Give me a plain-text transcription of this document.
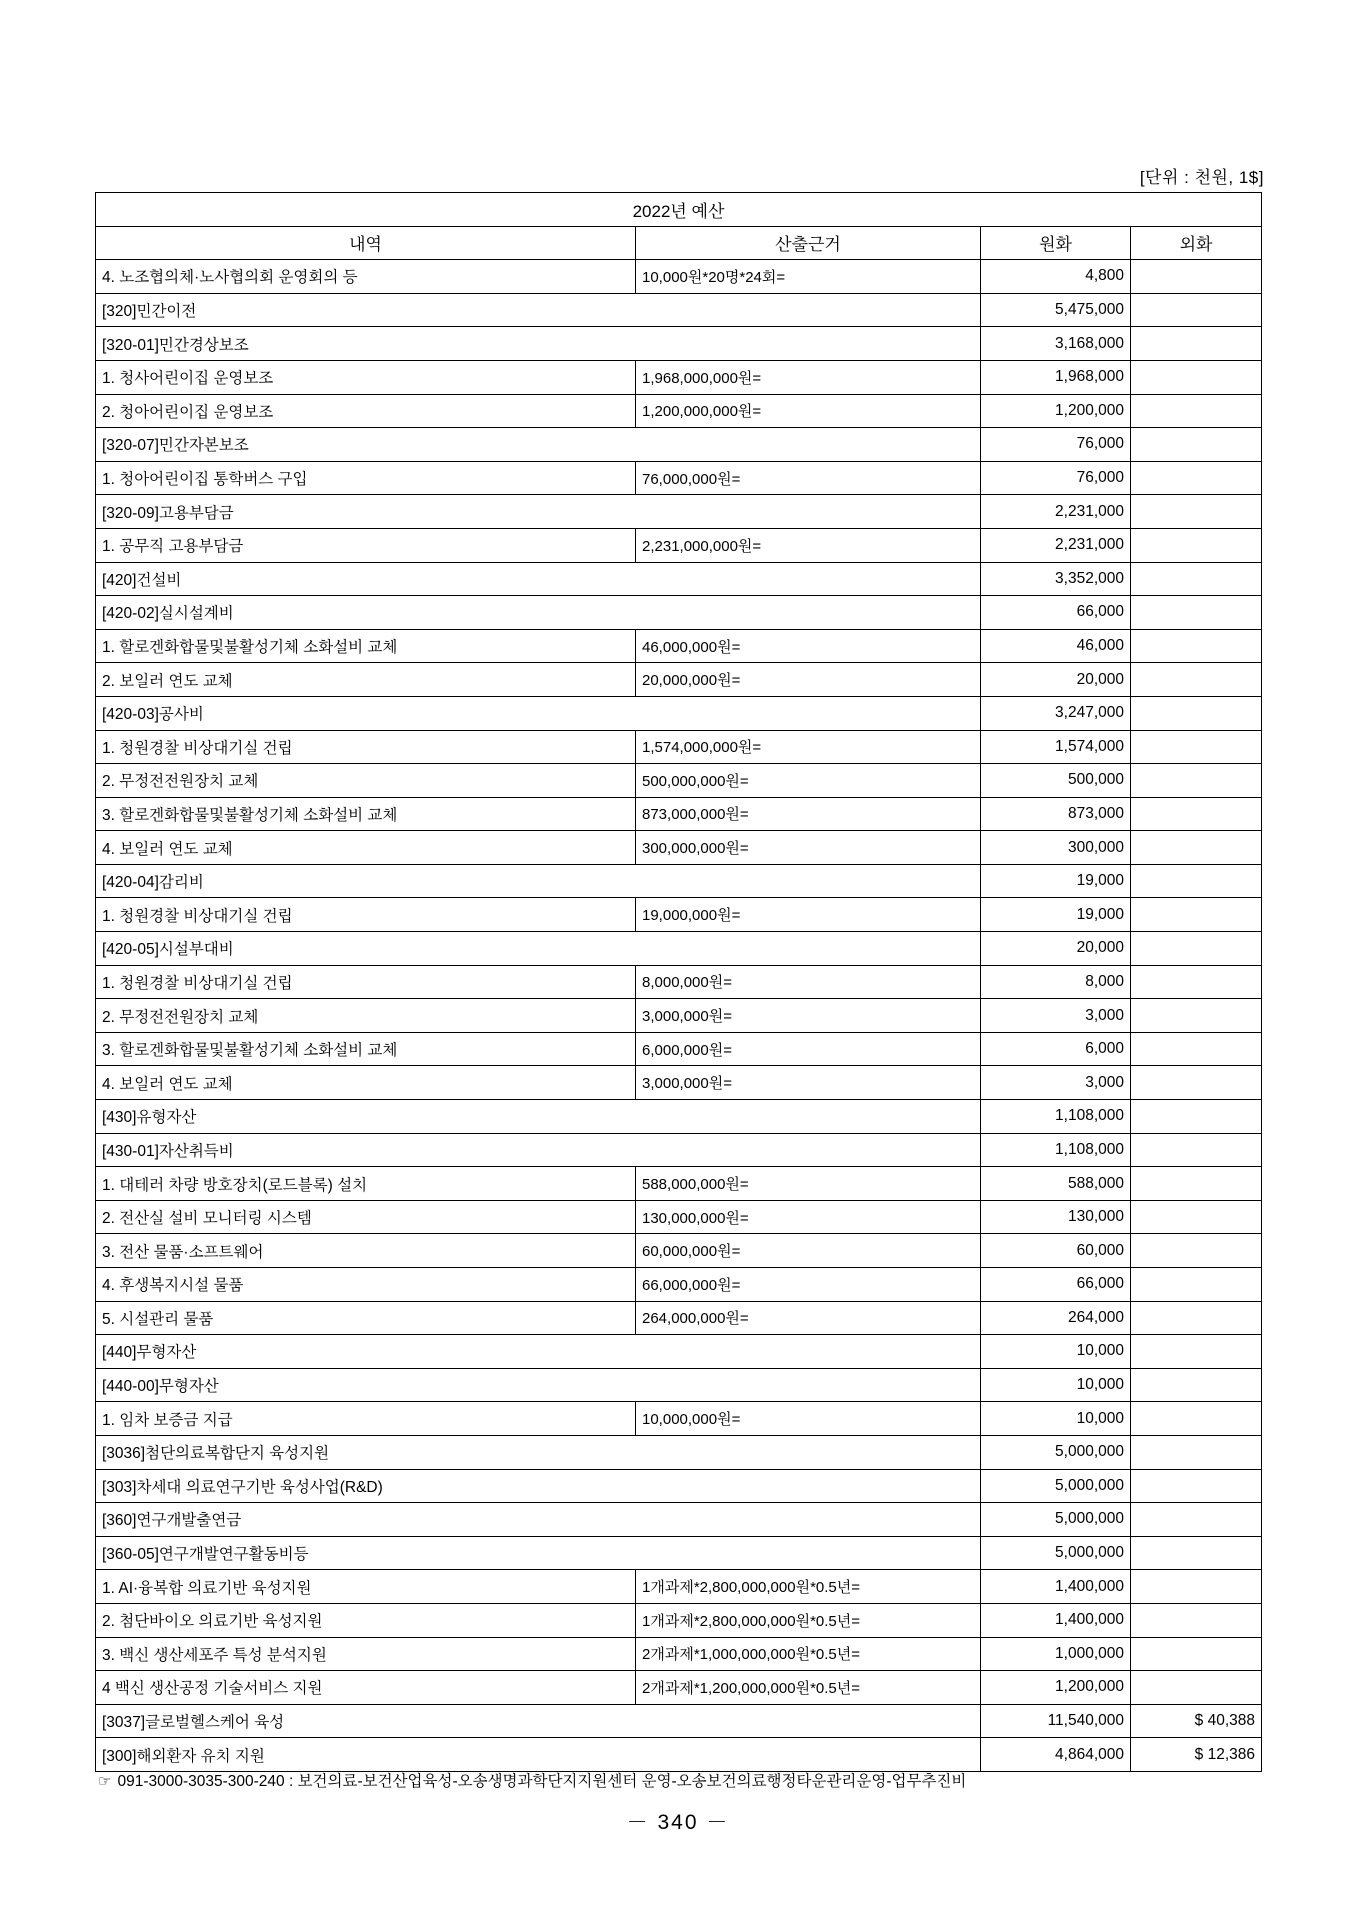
[단위 : 천원, 1$]
2022년 예산			
내역	산출근거	원화	외화
4. 노조협의체·노사협의회 운영회의 등	10,000원*20명*24회=	4,800	
[320]민간이전		5,475,000	
[320-01]민간경상보조		3,168,000	
1. 청사어린이집 운영보조	1,968,000,000원=	1,968,000	
2. 청아어린이집 운영보조	1,200,000,000원=	1,200,000	
[320-07]민간자본보조		76,000	
1. 청아어린이집 통학버스 구입	76,000,000원=	76,000	
[320-09]고용부담금		2,231,000	
1. 공무직 고용부담금	2,231,000,000원=	2,231,000	
[420]건설비		3,352,000	
[420-02]실시설계비		66,000	
1. 할로겐화합물및불활성기체 소화설비 교체	46,000,000원=	46,000	
2. 보일러 연도 교체	20,000,000원=	20,000	
[420-03]공사비		3,247,000	
1. 청원경찰 비상대기실 건립	1,574,000,000원=	1,574,000	
2. 무정전전원장치 교체	500,000,000원=	500,000	
3. 할로겐화합물및불활성기체 소화설비 교체	873,000,000원=	873,000	
4. 보일러 연도 교체	300,000,000원=	300,000	
[420-04]감리비		19,000	
1. 청원경찰 비상대기실 건립	19,000,000원=	19,000	
[420-05]시설부대비		20,000	
1. 청원경찰 비상대기실 건립	8,000,000원=	8,000	
2. 무정전전원장치 교체	3,000,000원=	3,000	
3. 할로겐화합물및불활성기체 소화설비 교체	6,000,000원=	6,000	
4. 보일러 연도 교체	3,000,000원=	3,000	
[430]유형자산		1,108,000	
[430-01]자산취득비		1,108,000	
1. 대테러 차량 방호장치(로드블록) 설치	588,000,000원=	588,000	
2. 전산실 설비 모니터링 시스템	130,000,000원=	130,000	
3. 전산 물품·소프트웨어	60,000,000원=	60,000	
4. 후생복지시설 물품	66,000,000원=	66,000	
5. 시설관리 물품	264,000,000원=	264,000	
[440]무형자산		10,000	
[440-00]무형자산		10,000	
1. 임차 보증금 지급	10,000,000원=	10,000	
[3036]첨단의료복합단지 육성지원		5,000,000	
[303]차세대 의료연구기반 육성사업(R&D)		5,000,000	
[360]연구개발출연금		5,000,000	
[360-05]연구개발연구활동비등		5,000,000	
1. AI·융복합 의료기반 육성지원	1개과제*2,800,000,000원*0.5년=	1,400,000	
2. 첨단바이오 의료기반 육성지원	1개과제*2,800,000,000원*0.5년=	1,400,000	
3. 백신 생산세포주 특성 분석지원	2개과제*1,000,000,000원*0.5년=	1,000,000	
4 백신 생산공정 기술서비스 지원	2개과제*1,200,000,000원*0.5년=	1,200,000	
[3037]글로벌헬스케어 육성		11,540,000	$ 40,388
[300]해외환자 유치 지원		4,864,000	$ 12,386
☞ 091-3000-3035-300-240 : 보건의료-보건산업육성-오송생명과학단지지원센터 운영-오송보건의료행정타운관리운영-업무추진비
－ 340 －
